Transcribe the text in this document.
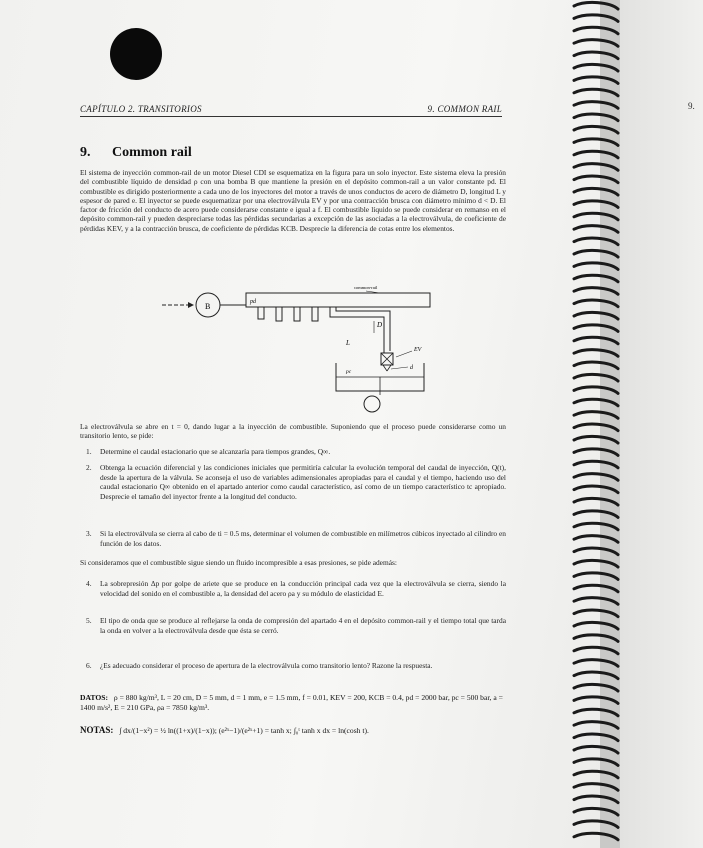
CAPÍTULO 2. TRANSITORIOS	9. COMMON RAIL
9. Common rail
El sistema de inyección common-rail de un motor Diesel CDI se esquematiza en la figura para un solo inyector. Este sistema eleva la presión del combustible líquido de densidad ρ con una bomba B que mantiene la presión en el depósito common-rail a un valor constante pd. El combustible es dirigido posteriormente a cada uno de los inyectores del motor a través de unos conductos de acero de diámetro D, longitud L y espesor de pared e. El inyector se puede esquematizar por una electroválvula EV y por una contracción brusca con diámetro mínimo d < D. El factor de fricción del conducto de acero puede considerarse constante e igual a f. El combustible líquido se puede considerar en remanso en el depósito common-rail y pueden despreciarse todas las pérdidas secundarias a excepción de las asociadas a la electroválvula, de coeficiente de pérdidas KEV, y a la contracción brusca, de coeficiente de pérdidas KCB. Desprecie la diferencia de cotas entre los elementos.
B	pd
common-rail
D
L
EV
d
pc
La electroválvula se abre en t = 0, dando lugar a la inyección de combustible. Suponiendo que el proceso puede considerarse como un transitorio lento, se pide:
1. Determine el caudal estacionario que se alcanzaría para tiempos grandes, Q∞.
2. Obtenga la ecuación diferencial y las condiciones iniciales que permitiría calcular la evolución temporal del caudal de inyección, Q(t), desde la apertura de la válvula. Se aconseja el uso de variables adimensionales apropiadas para el caudal y el tiempo, haciendo uso del caudal estacionario Q∞ obtenido en el apartado anterior como caudal característico, así como de un tiempo característico tc apropiado. Desprecie el tamaño del inyector frente a la longitud del conducto.
3. Si la electroválvula se cierra al cabo de ti = 0.5 ms, determinar el volumen de combustible en milímetros cúbicos inyectado al cilindro en función de los datos.
Si consideramos que el combustible sigue siendo un fluido incompresible a esas presiones, se pide además:
4. La sobrepresión Δp por golpe de ariete que se produce en la conducción principal cada vez que la electroválvula se cierra, siendo la velocidad del sonido en el combustible a, la densidad del acero ρa y su módulo de elasticidad E.
5. El tipo de onda que se produce al reflejarse la onda de compresión del apartado 4 en el depósito common-rail y el tiempo total que tarda la onda en volver a la electroválvula desde que ésta se cerró.
6. ¿Es adecuado considerar el proceso de apertura de la electroválvula como transitorio lento? Razone la respuesta.
DATOS: ρ = 880 kg/m³, L = 20 cm, D = 5 mm, d = 1 mm, e = 1.5 mm, f = 0.01, KEV = 200, KCB = 0.4, pd = 2000 bar, pc = 500 bar, a = 1400 m/s², E = 210 GPa, ρa = 7850 kg/m³.
NOTAS: ∫ dx/(1−x²) = ½ ln((1+x)/(1−x)); (e²ˣ−1)/(e²ˣ+1) = tanh x; ∫₀ᵗ tanh x dx = ln(cosh t).
9.
